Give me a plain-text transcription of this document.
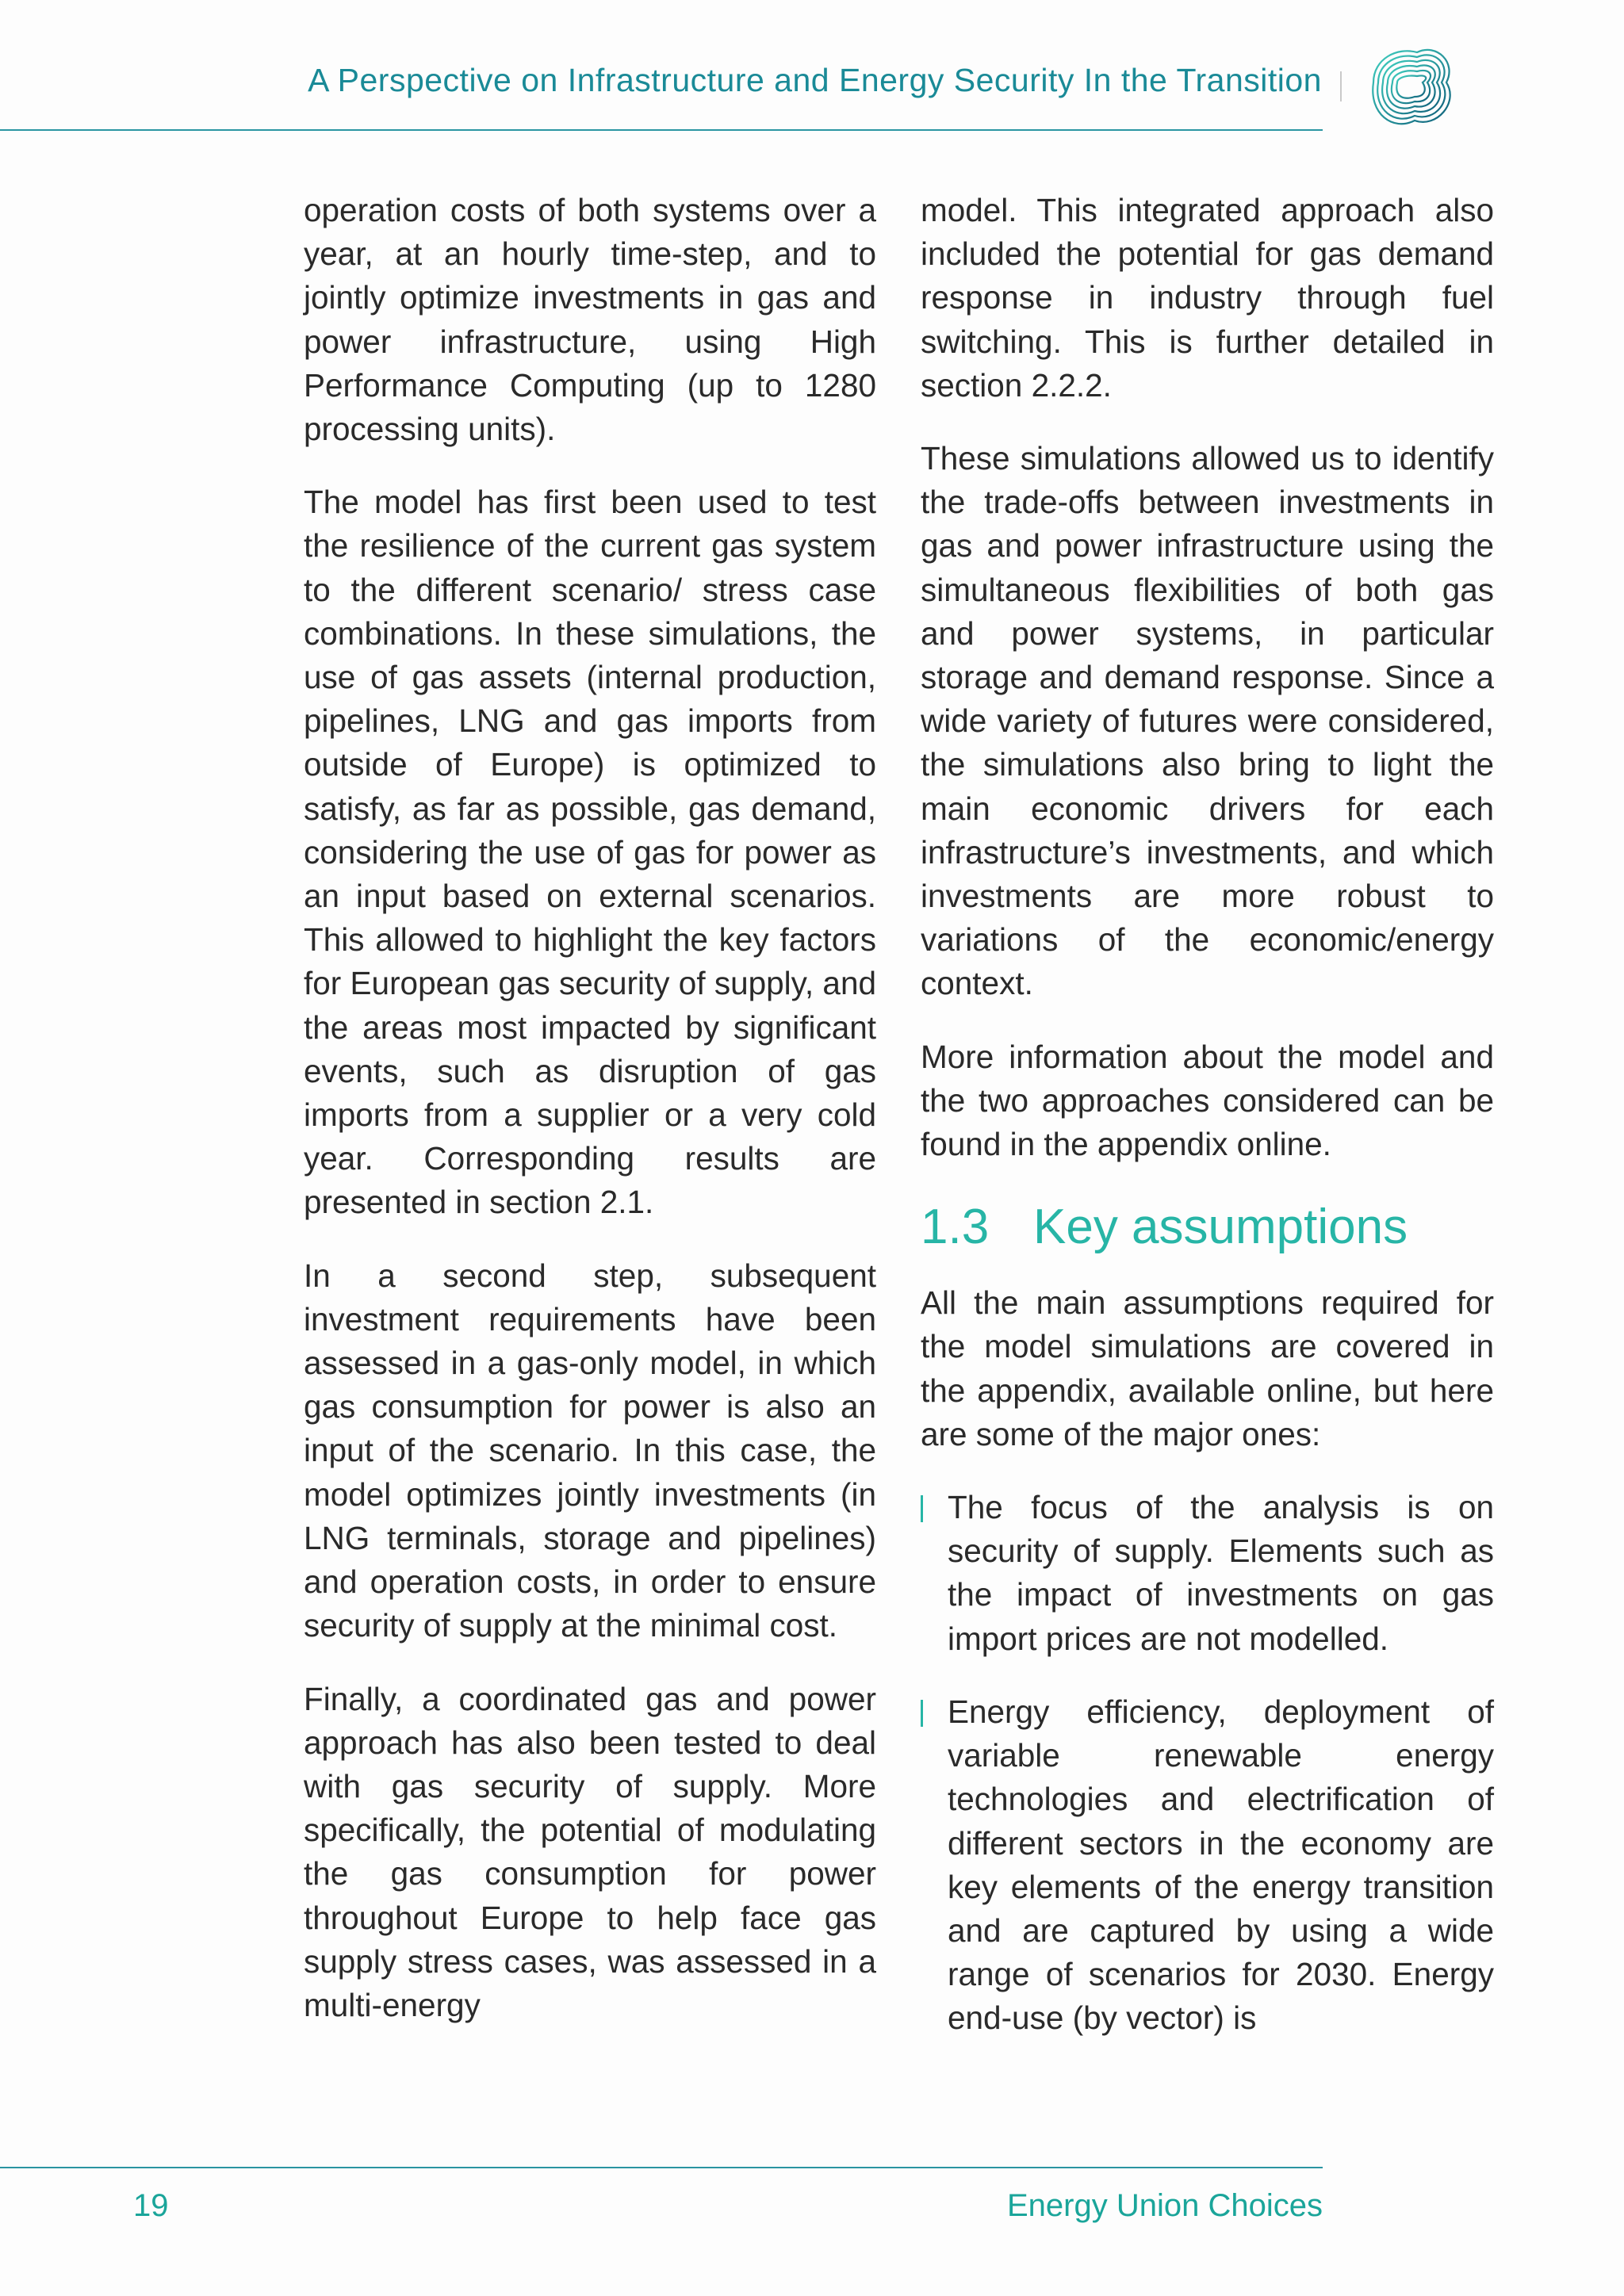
A Perspective on Infrastructure and Energy Security In the Transition

operation costs of both systems over a year, at an hourly time-step, and to jointly optimize investments in gas and power infrastructure, using High Performance Computing (up to 1280 processing units).

The model has first been used to test the resilience of the current gas system to the different scenario/ stress case combinations. In these simulations, the use of gas assets (internal production, pipelines, LNG and gas imports from outside of Europe) is optimized to satisfy, as far as possible, gas demand, considering the use of gas for power as an input based on external scenarios. This allowed to highlight the key factors for European gas security of supply, and the areas most impacted by significant events, such as disruption of gas imports from a supplier or a very cold year. Corresponding results are presented in section 2.1.

In a second step, subsequent investment requirements have been assessed in a gas-only model, in which gas consumption for power is also an input of the scenario. In this case, the model optimizes jointly investments (in LNG terminals, storage and pipelines) and operation costs, in order to ensure security of supply at the minimal cost.

Finally, a coordinated gas and power approach has also been tested to deal with gas security of supply. More specifically, the potential of modulating the gas consumption for power throughout Europe to help face gas supply stress cases, was assessed in a multi-energy

model. This integrated approach also included the potential for gas demand response in industry through fuel switching. This is further detailed in section 2.2.2.

These simulations allowed us to identify the trade-offs between investments in gas and power infrastructure using the simultaneous flexibilities of both gas and power systems, in particular storage and demand response. Since a wide variety of futures were considered, the simulations also bring to light the main economic drivers for each infrastructure’s investments, and which investments are more robust to variations of the economic/energy context.

More information about the model and the two approaches considered can be found in the appendix online.

1.3 Key assumptions

All the main assumptions required for the model simulations are covered in the appendix, available online, but here are some of the major ones:

The focus of the analysis is on security of supply. Elements such as the impact of investments on gas import prices are not modelled.
Energy efficiency, deployment of variable renewable energy technologies and electrification of different sectors in the economy are key elements of the energy transition and are captured by using a wide range of scenarios for 2030. Energy end-use (by vector) is
19	Energy Union Choices
